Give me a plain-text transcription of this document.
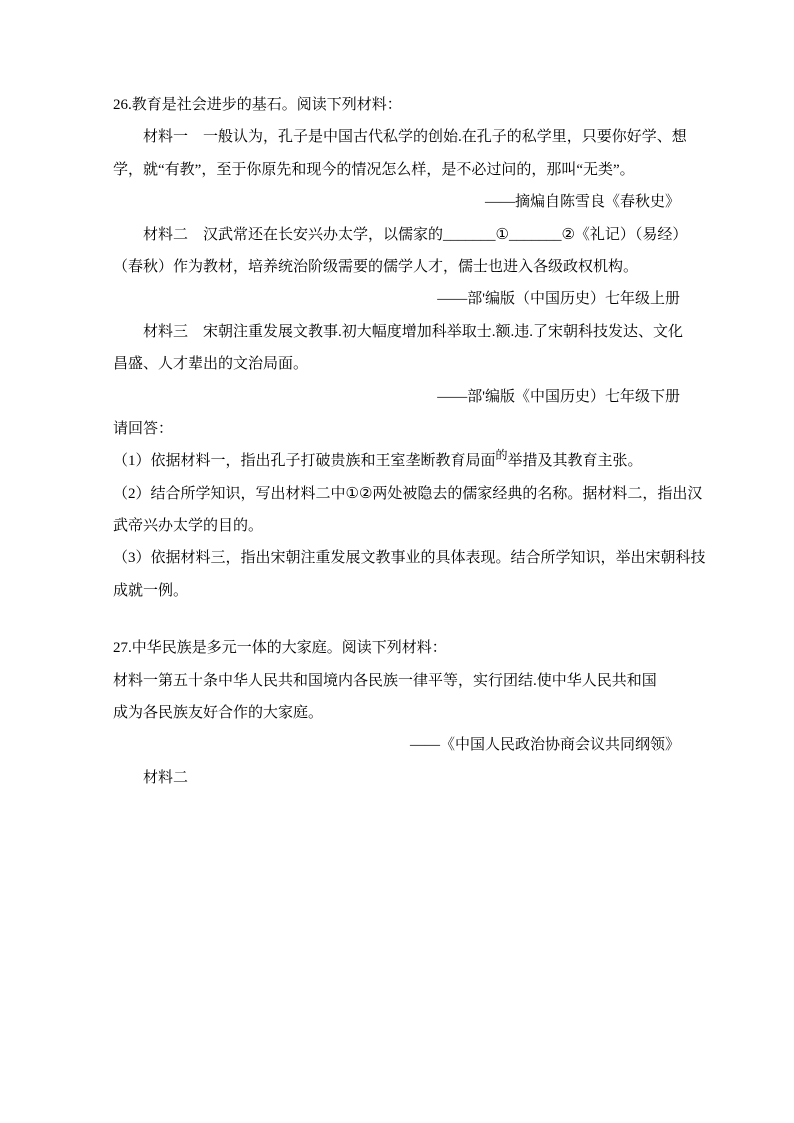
26.教育是社会进步的基石。阅读下列材料：
材料一　一般认为，孔子是中国古代私学的创始.在孔子的私学里，只要你好学、想
学，就“有教”，至于你原先和现今的情况怎么样，是不必过问的，那叫“无类”。
——摘煸自陈雪良《春秋史》
材料二　汉武常还在长安兴办太学，以儒家的_______①_______②《礼记）（易经）
（春秋）作为教材，培养统治阶级需要的儒学人才，儒士也进入各级政权机构。
——部'编版（中国历史）七年级上册
材料三　宋朝注重发展文教事.初大幅度增加科举取士.额.违.了宋朝科技发达、文化
昌盛、人才辈出的文治局面。
——部'编版《中国历史）七年级下册
请回答：
（1）依据材料一，指出孔子打破贵族和王室垄断教育局面$^的$举措及其教育主张。
（2）结合所学知识，写出材料二中①②两处被隐去的儒家经典的名称。据材料二，指出汉
武帝兴办太学的目的。
（3）依据材料三，指出宋朝注重发展文教事业的具体表现。结合所学知识，举出宋朝科技
成就一例。
27.中华民族是多元一体的大家庭。阅读下列材料：
材料一第五十条中华人民共和国境内各民族一律平等，实行团结.使中华人民共和国
成为各民族友好合作的大家庭。
——《中国人民政治协商会议共同纲领》
材料二
